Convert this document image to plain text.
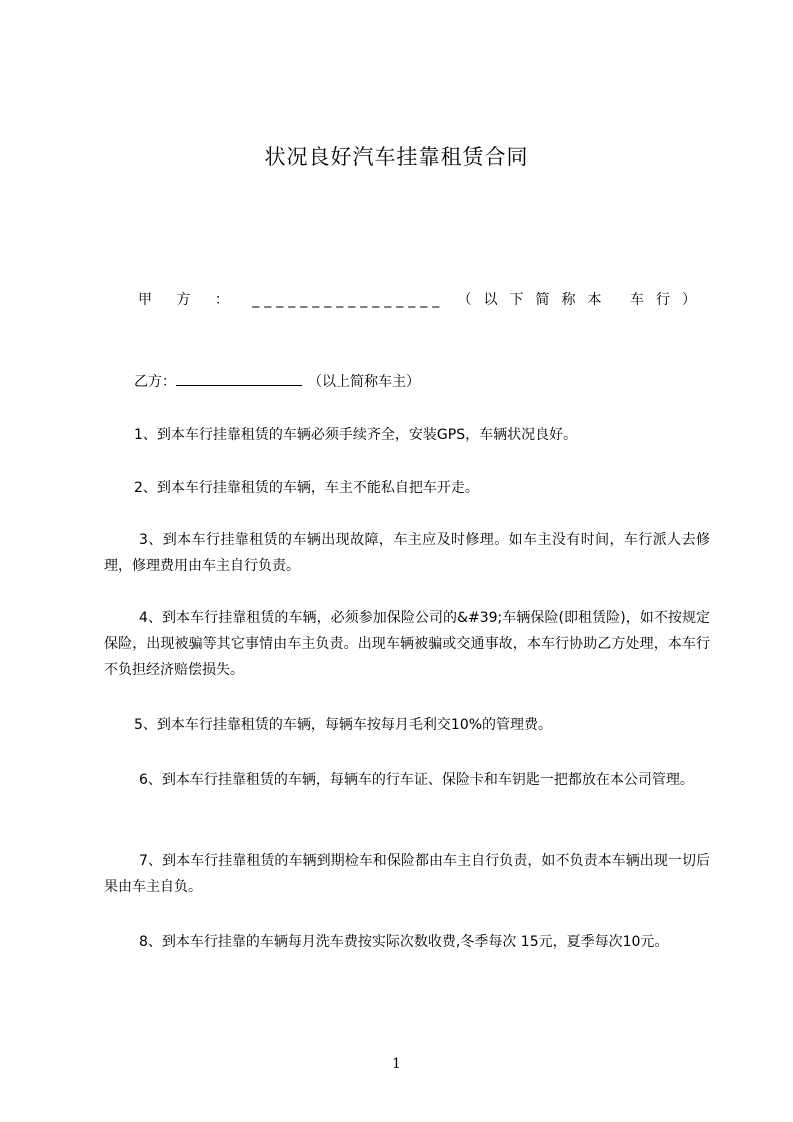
状况良好汽车挂靠租赁合同
甲 方 ： ________________ （以下简称本 车行）
乙方：	（以上简称车主）

1、到本车行挂靠租赁的车辆必须手续齐全，安装GPS，车辆状况良好。

2、到本车行挂靠租赁的车辆，车主不能私自把车开走。

3、到本车行挂靠租赁的车辆出现故障，车主应及时修理。如车主没有时间，车行派人去修理，修理费用由车主自行负责。

4、到本车行挂靠租赁的车辆，必须参加保险公司的&#39;车辆保险(即租赁险)，如不按规定保险，出现被骗等其它事情由车主负责。出现车辆被骗或交通事故，本车行协助乙方处理，本车行不负担经济赔偿损失。

5、到本车行挂靠租赁的车辆，每辆车按每月毛利交10%的管理费。

6、到本车行挂靠租赁的车辆，每辆车的行车证、保险卡和车钥匙一把都放在本公司管理。

7、到本车行挂靠租赁的车辆到期检车和保险都由车主自行负责，如不负责本车辆出现一切后果由车主自负。

8、到本车行挂靠的车辆每月洗车费按实际次数收费,冬季每次 15元，夏季每次10元。

1
